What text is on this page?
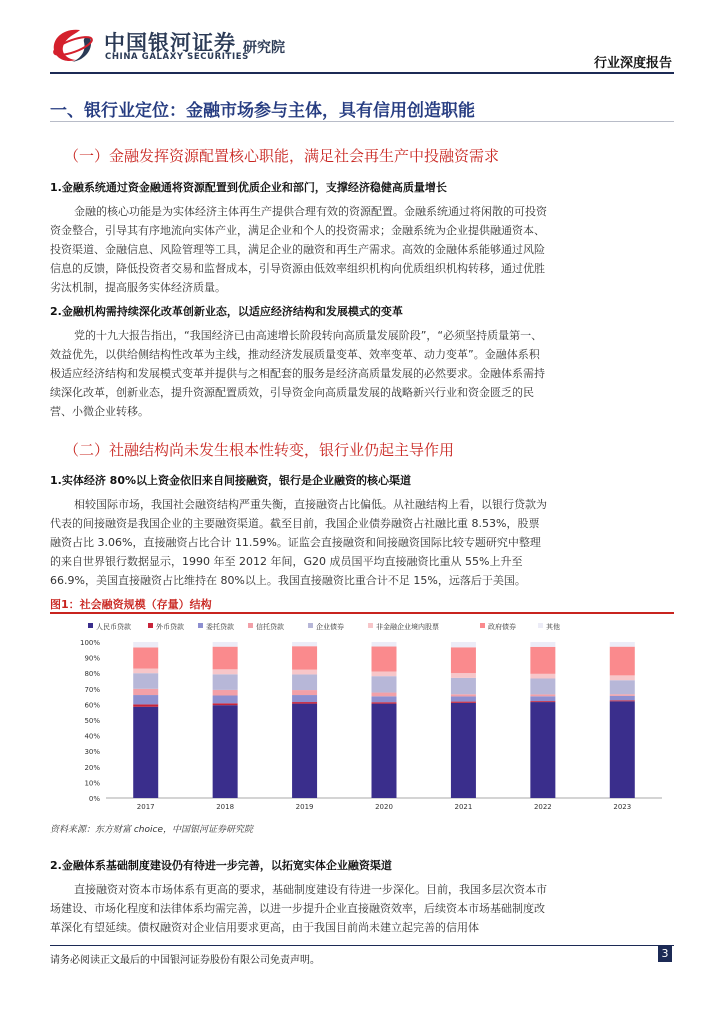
中国银河证券
CHINA GALAXY SECURITIES
研究院
行业深度报告
一、银行业定位：金融市场参与主体，具有信用创造职能
（一）金融发挥资源配置核心职能，满足社会再生产中投融资需求
1.金融系统通过资金融通将资源配置到优质企业和部门，支撑经济稳健高质量增长
金融的核心功能是为实体经济主体再生产提供合理有效的资源配置。金融系统通过将闲散的可投资资金整合，引导其有序地流向实体产业，满足企业和个人的投资需求；金融系统为企业提供融通资本、投资渠道、金融信息、风险管理等工具，满足企业的融资和再生产需求。高效的金融体系能够通过风险信息的反馈，降低投资者交易和监督成本，引导资源由低效率组织机构向优质组织机构转移，通过优胜劣汰机制，提高服务实体经济质量。
2.金融机构需持续深化改革创新业态，以适应经济结构和发展模式的变革
党的十九大报告指出，“我国经济已由高速增长阶段转向高质量发展阶段”，“必须坚持质量第一、效益优先，以供给侧结构性改革为主线，推动经济发展质量变革、效率变革、动力变革”。金融体系积极适应经济结构和发展模式变革并提供与之相配套的服务是经济高质量发展的必然要求。金融体系需持续深化改革，创新业态，提升资源配置质效，引导资金向高质量发展的战略新兴行业和资金匮乏的民营、小微企业转移。
（二）社融结构尚未发生根本性转变，银行业仍起主导作用
1.实体经济 80%以上资金依旧来自间接融资，银行是企业融资的核心渠道
相较国际市场，我国社会融资结构严重失衡，直接融资占比偏低。从社融结构上看，以银行贷款为代表的间接融资是我国企业的主要融资渠道。截至目前，我国企业债券融资占社融比重 8.53%，股票融资占比 3.06%，直接融资占比合计 11.59%。证监会直接融资和间接融资国际比较专题研究中整理的来自世界银行数据显示，1990 年至 2012 年间，G20 成员国平均直接融资比重从 55%上升至66.9%，美国直接融资占比维持在 80%以上。我国直接融资比重合计不足 15%，远落后于美国。
图1：社会融资规模（存量）结构
人民币贷款	外币贷款	委托贷款	信托贷款	企业债券	非金融企业境内股票	政府债券	其他
0%
10%
20%
30%
40%
50%
60%
70%
80%
90%
100%
2017	2018	2019	2020	2021	2022	2023
资料来源：东方财富 choice，中国银河证券研究院
2.金融体系基础制度建设仍有待进一步完善，以拓宽实体企业融资渠道
直接融资对资本市场体系有更高的要求，基础制度建设有待进一步深化。目前，我国多层次资本市场建设、市场化程度和法律体系均需完善，以进一步提升企业直接融资效率，后续资本市场基础制度改革深化有望延续。债权融资对企业信用要求更高，由于我国目前尚未建立起完善的信用体
请务必阅读正文最后的中国银河证券股份有限公司免责声明。
3
